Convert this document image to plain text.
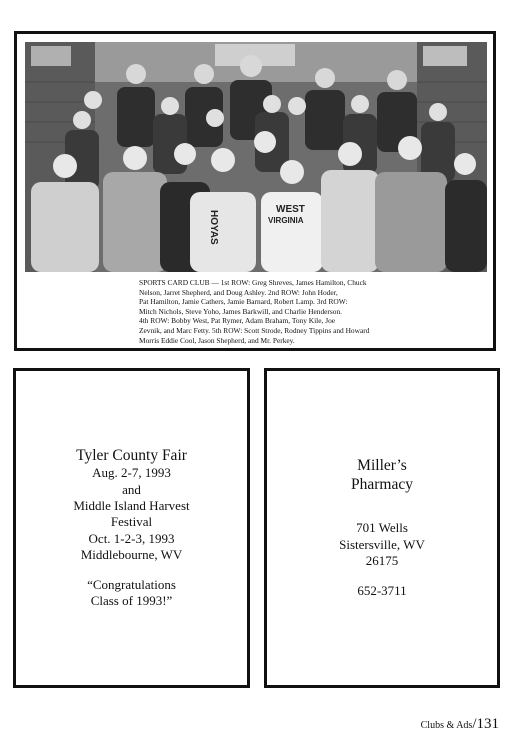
HOYAS
WEST
VIRGINIA

SPORTS CARD CLUB — 1st ROW: Greg Shreves, James Hamilton, Chuck

Nelson, Jarret Shepherd, and Doug Ashley. 2nd ROW: John Hoder,

Pat Hamilton, Jamie Cathers, Jamie Barnard, Robert Lamp. 3rd ROW:

Mitch Nichols, Steve Yoho, James Barkwill, and Charlie Henderson.

4th ROW: Bobby West, Pat Rymer, Adam Braham, Tony Kile, Joe

Zevnik, and Marc Fetty. 5th ROW: Scott Strode, Rodney Tippins and Howard

Morris Eddie Cool, Jason Shepherd, and Mr. Perkey.

Tyler County Fair

Aug. 2-7, 1993

and

Middle Island Harvest

Festival

Oct. 1-2-3, 1993

Middlebourne, WV

“Congratulations

Class of 1993!”

Miller’s

Pharmacy

701 Wells

Sistersville, WV

26175

652-3711

Clubs & Ads/131
